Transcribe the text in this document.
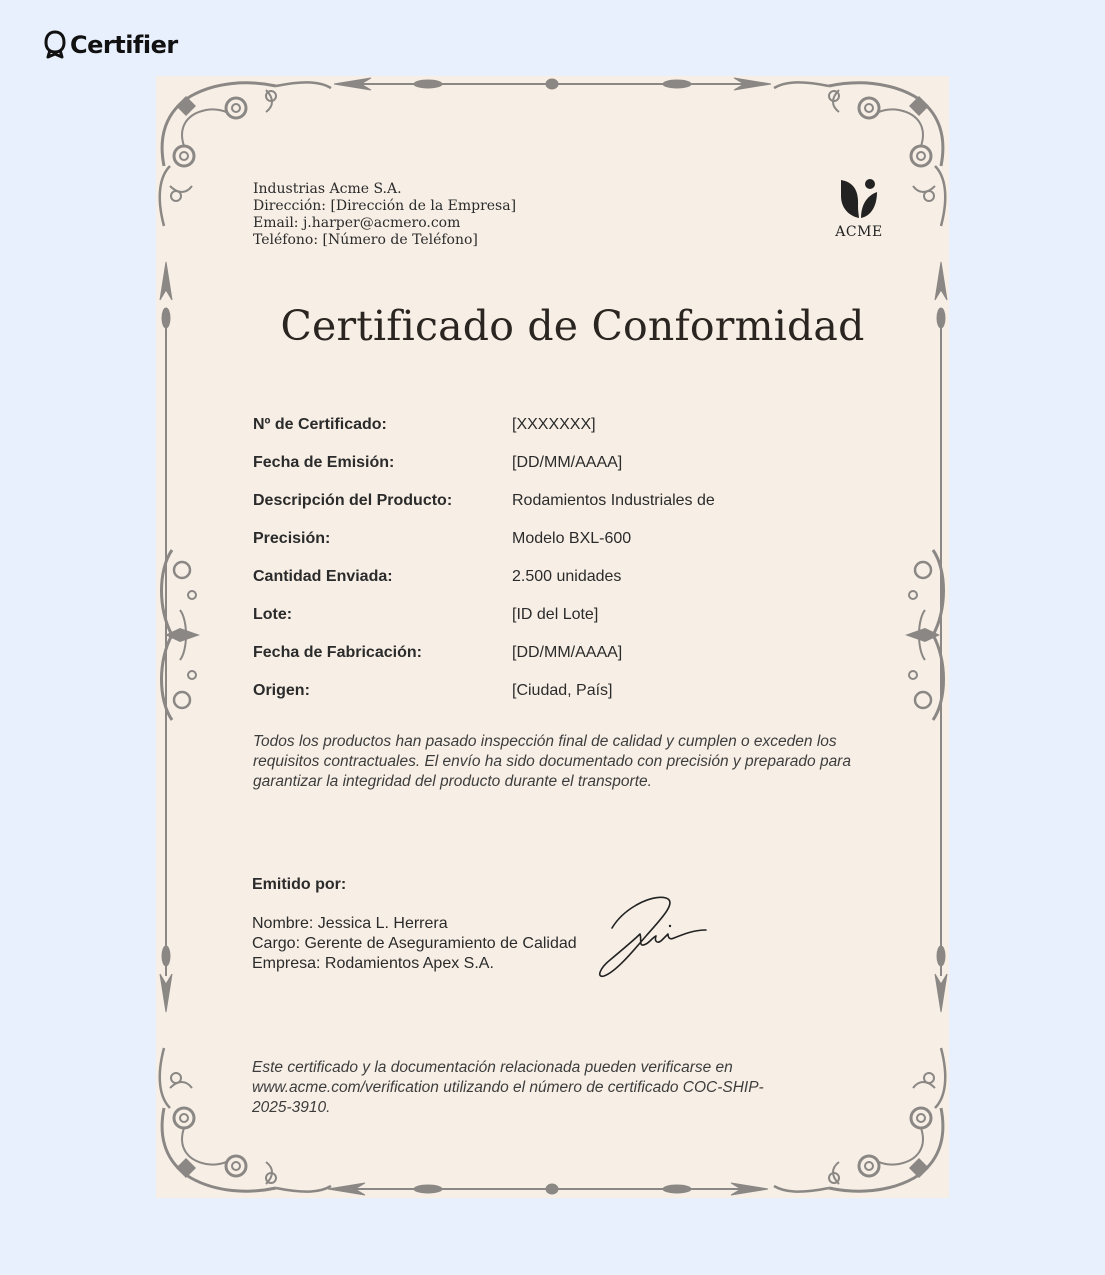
Certifier
Industrias Acme S.A.
Dirección: [Dirección de la Empresa]
Email: j.harper@acmero.com
Teléfono: [Número de Teléfono]	ACME
Certificado de Conformidad
Nº de Certificado:	[XXXXXXX]
Fecha de Emisión:	[DD/MM/AAAA]
Descripción del Producto:	Rodamientos Industriales de
Precisión:	Modelo BXL-600
Cantidad Enviada:	2.500 unidades
Lote:	[ID del Lote]
Fecha de Fabricación:	[DD/MM/AAAA]
Origen:	[Ciudad, País]

Todos los productos han pasado inspección final de calidad y cumplen o exceden los requisitos contractuales. El envío ha sido documentado con precisión y preparado para garantizar la integridad del producto durante el transporte.

Emitido por:
Nombre: Jessica L. Herrera
Cargo: Gerente de Aseguramiento de Calidad
Empresa: Rodamientos Apex S.A.

Este certificado y la documentación relacionada pueden verificarse en www.acme.com/verification utilizando el número de certificado COC-SHIP-2025-3910.
